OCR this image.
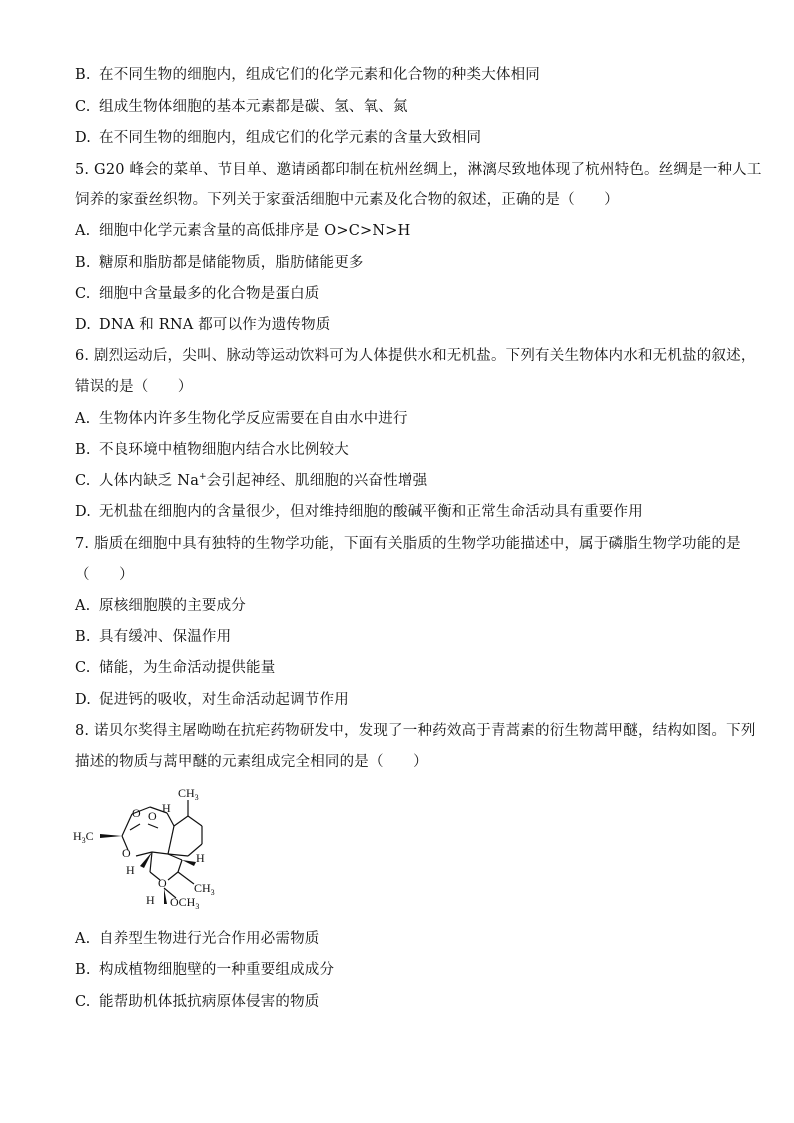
B. 在不同生物的细胞内，组成它们的化学元素和化合物的种类大体相同
C. 组成生物体细胞的基本元素都是碳、氢、氧、氮
D. 在不同生物的细胞内，组成它们的化学元素的含量大致相同
5. G20 峰会的菜单、节目单、邀请函都印制在杭州丝绸上，淋漓尽致地体现了杭州特色。丝绸是一种人工
饲养的家蚕丝织物。下列关于家蚕活细胞中元素及化合物的叙述，正确的是（　　）
A. 细胞中化学元素含量的高低排序是 O>C>N>H
B. 糖原和脂肪都是储能物质，脂肪储能更多
C. 细胞中含量最多的化合物是蛋白质
D. DNA 和 RNA 都可以作为遗传物质
6. 剧烈运动后，尖叫、脉动等运动饮料可为人体提供水和无机盐。下列有关生物体内水和无机盐的叙述，
错误的是（　　）
A. 生物体内许多生物化学反应需要在自由水中进行
B. 不良环境中植物细胞内结合水比例较大
C. 人体内缺乏 Na+会引起神经、肌细胞的兴奋性增强
D. 无机盐在细胞内的含量很少，但对维持细胞的酸碱平衡和正常生命活动具有重要作用
7. 脂质在细胞中具有独特的生物学功能，下面有关脂质的生物学功能描述中，属于磷脂生物学功能的是
（　　）
A. 原核细胞膜的主要成分
B. 具有缓冲、保温作用
C. 储能，为生命活动提供能量
D. 促进钙的吸收，对生命活动起调节作用
8. 诺贝尔奖得主屠呦呦在抗疟药物研发中，发现了一种药效高于青蒿素的衍生物蒿甲醚，结构如图。下列
描述的物质与蒿甲醚的元素组成完全相同的是（　　）
O O
O
O
$CH_3$
H
$H_3C$
H
H
$CH_3$
H $OCH_3$
A. 自养型生物进行光合作用必需物质
B. 构成植物细胞壁的一种重要组成成分
C. 能帮助机体抵抗病原体侵害的物质
